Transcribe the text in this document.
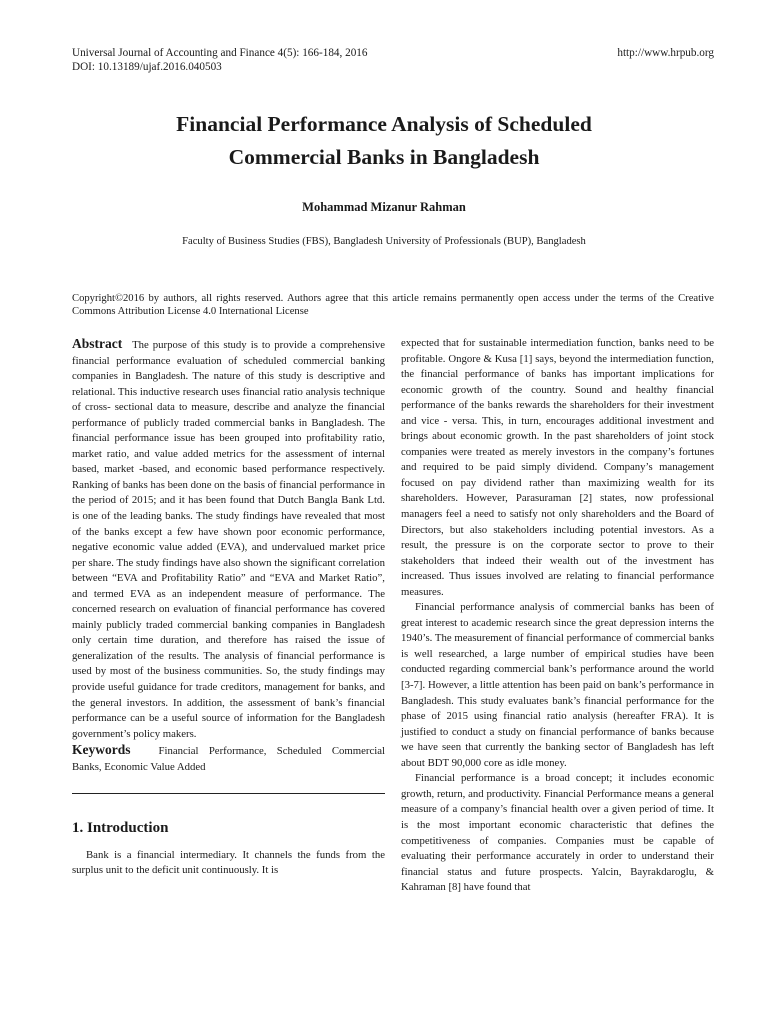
Universal Journal of Accounting and Finance 4(5): 166-184, 2016	http://www.hrpub.org
DOI: 10.13189/ujaf.2016.040503
Financial Performance Analysis of Scheduled
Commercial Banks in Bangladesh
Mohammad Mizanur Rahman
Faculty of Business Studies (FBS), Bangladesh University of Professionals (BUP), Bangladesh
Copyright©2016 by authors, all rights reserved. Authors agree that this article remains permanently open access under the terms of the Creative Commons Attribution License 4.0 International License

Abstract The purpose of this study is to provide a comprehensive financial performance evaluation of scheduled commercial banking companies in Bangladesh. The nature of this study is descriptive and relational. This inductive research uses financial ratio analysis technique of cross- sectional data to measure, describe and analyze the financial performance of publicly traded commercial banks in Bangladesh. The financial performance issue has been grouped into profitability ratio, market ratio, and value added metrics for the assessment of internal based, market -based, and economic based performance respectively. Ranking of banks has been done on the basis of financial performance in the period of 2015; and it has been found that Dutch Bangla Bank Ltd. is one of the leading banks. The study findings have revealed that most of the banks except a few have shown poor economic performance, negative economic value added (EVA), and undervalued market price per share. The study findings have also shown the significant correlation between “EVA and Profitability Ratio” and “EVA and Market Ratio”, and termed EVA as an independent measure of performance. The concerned research on evaluation of financial performance has covered mainly publicly traded commercial banking companies in Bangladesh only certain time duration, and therefore has raised the issue of generalization of the results. The analysis of financial performance is used by most of the business communities. So, the study findings may provide useful guidance for trade creditors, management for banks, and the general investors. In addition, the assessment of bank’s financial performance can be a useful source of information for the Bangladesh government’s policy makers.

Keywords	Financial Performance, Scheduled Commercial Banks, Economic Value Added

1. Introduction

Bank is a financial intermediary. It channels the funds from the surplus unit to the deficit unit continuously. It is

expected that for sustainable intermediation function, banks need to be profitable. Ongore & Kusa [1] says, beyond the intermediation function, the financial performance of banks has important implications for economic growth of the country. Sound and healthy financial performance of the banks rewards the shareholders for their investment and vice - versa. This, in turn, encourages additional investment and brings about economic growth. In the past shareholders of joint stock companies were treated as merely investors in the company’s fortunes and required to be paid simply dividend. Company’s management focused on pay dividend rather than maximizing wealth for its shareholders. However, Parasuraman [2] states, now professional managers feel a need to satisfy not only shareholders and the Board of Directors, but also stakeholders including potential investors. As a result, the pressure is on the corporate sector to prove to their stakeholders that indeed their wealth out of the investment has increased. Thus issues involved are relating to financial performance measures.

Financial performance analysis of commercial banks has been of great interest to academic research since the great depression interns the 1940’s. The measurement of financial performance of commercial banks is well researched, a large number of empirical studies have been conducted regarding commercial bank’s performance around the world [3-7]. However, a little attention has been paid on bank’s performance in Bangladesh. This study evaluates bank’s financial performance for the phase of 2015 using financial ratio analysis (hereafter FRA). It is justified to conduct a study on financial performance of banks because we have seen that currently the banking sector of Bangladesh has left about BDT 90,000 core as idle money.

Financial performance is a broad concept; it includes economic growth, return, and productivity. Financial Performance means a general measure of a company’s financial health over a given period of time. It is the most important economic characteristic that defines the competitiveness of companies. Companies must be capable of evaluating their performance accurately in order to understand their financial status and future prospects. Yalcin, Bayrakdaroglu, & Kahraman [8] have found that
